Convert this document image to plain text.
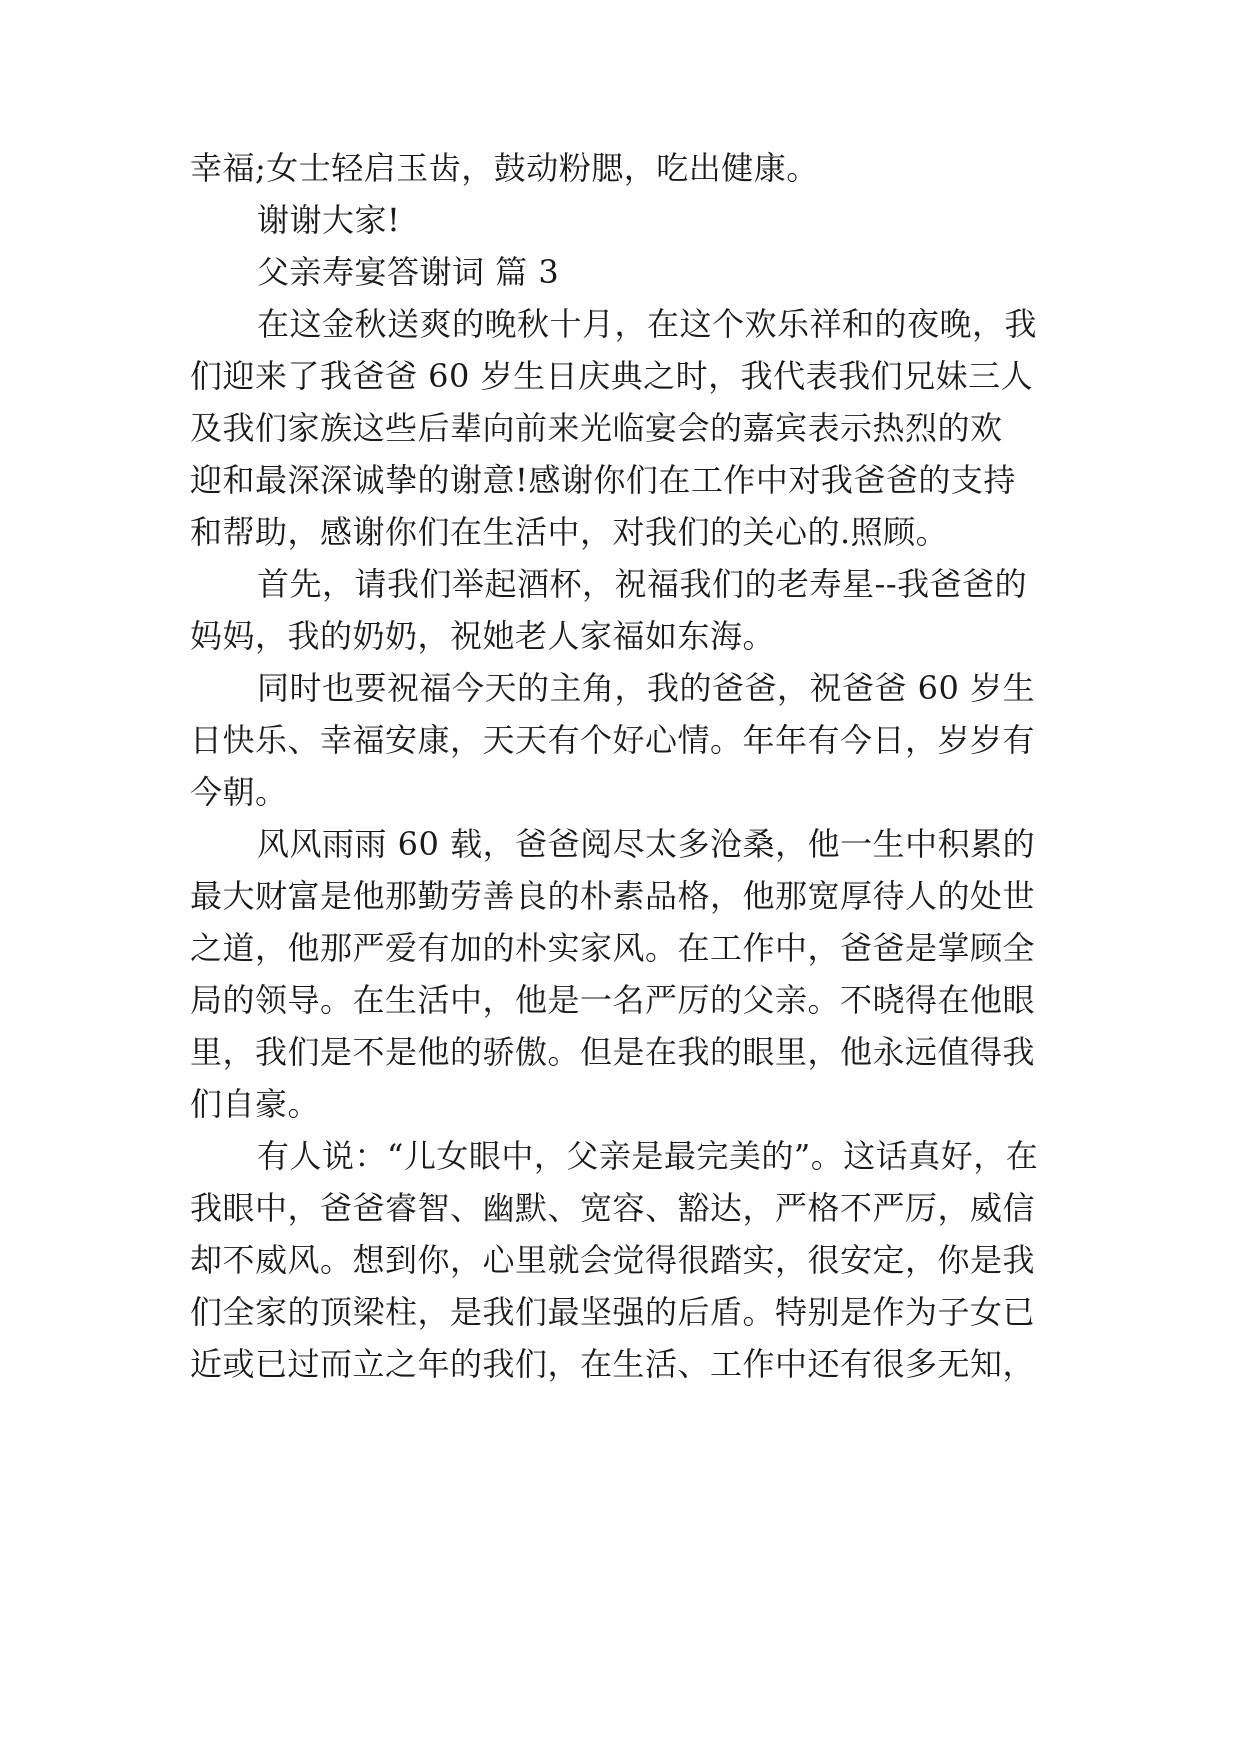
幸福;女士轻启玉齿，鼓动粉腮，吃出健康。

谢谢大家!

父亲寿宴答谢词 篇 3

在这金秋送爽的晚秋十月，在这个欢乐祥和的夜晚，我

们迎来了我爸爸 60 岁生日庆典之时，我代表我们兄妹三人

及我们家族这些后辈向前来光临宴会的嘉宾表示热烈的欢

迎和最深深诚挚的谢意!感谢你们在工作中对我爸爸的支持

和帮助，感谢你们在生活中，对我们的关心的.照顾。

首先，请我们举起酒杯，祝福我们的老寿星--我爸爸的

妈妈，我的奶奶，祝她老人家福如东海。

同时也要祝福今天的主角，我的爸爸，祝爸爸 60 岁生

日快乐、幸福安康，天天有个好心情。年年有今日，岁岁有

今朝。

风风雨雨 60 载，爸爸阅尽太多沧桑，他一生中积累的

最大财富是他那勤劳善良的朴素品格，他那宽厚待人的处世

之道，他那严爱有加的朴实家风。在工作中，爸爸是掌顾全

局的领导。在生活中，他是一名严厉的父亲。不晓得在他眼

里，我们是不是他的骄傲。但是在我的眼里，他永远值得我

们自豪。

有人说：“儿女眼中，父亲是最完美的”。这话真好，在

我眼中，爸爸睿智、幽默、宽容、豁达，严格不严厉，威信

却不威风。想到你，心里就会觉得很踏实，很安定，你是我

们全家的顶梁柱，是我们最坚强的后盾。特别是作为子女已

近或已过而立之年的我们，在生活、工作中还有很多无知，
